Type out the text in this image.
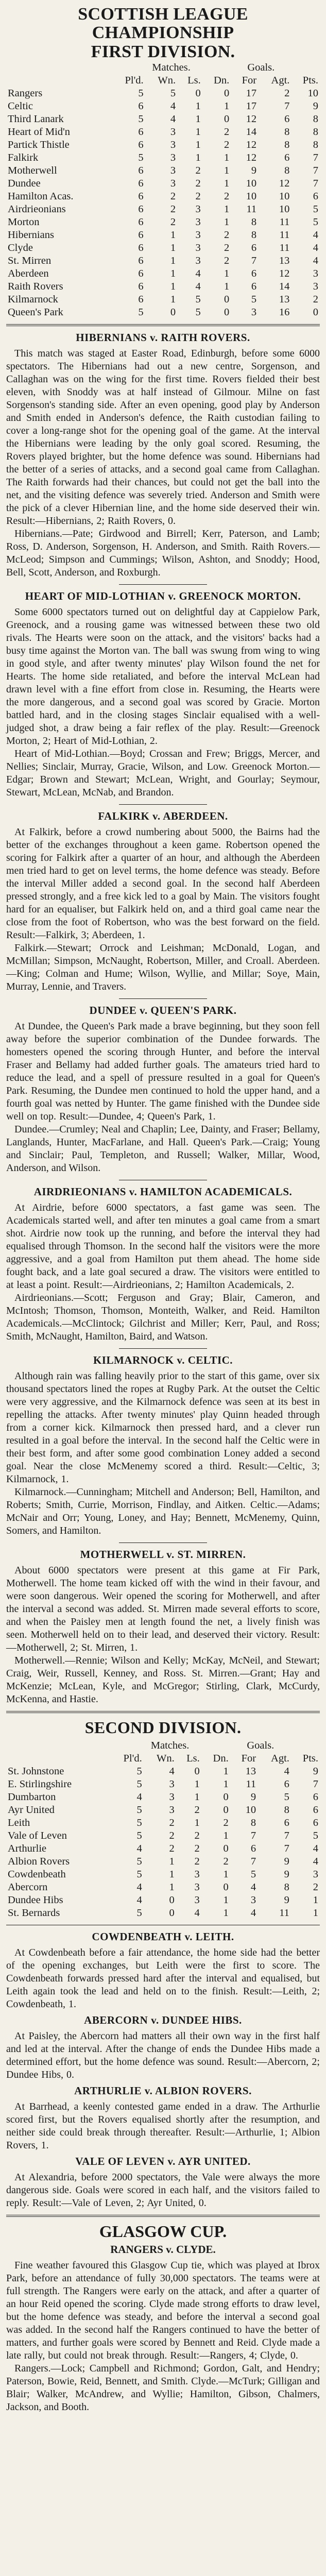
SCOTTISH LEAGUE CHAMPIONSHIP
FIRST DIVISION.
	Matches.				Goals.		
	Pl'd.	Wn.	Ls.	Dn.	For	Agt.	Pts.
Rangers	5	5	0	0	17	2	10
Celtic	6	4	1	1	17	7	9
Third Lanark	5	4	1	0	12	6	8
Heart of Mid'n	6	3	1	2	14	8	8
Partick Thistle	6	3	1	2	12	8	8
Falkirk	5	3	1	1	12	6	7
Motherwell	6	3	2	1	9	8	7
Dundee	6	3	2	1	10	12	7
Hamilton Acas.	6	2	2	2	10	10	6
Airdrieonians	6	2	3	1	11	10	5
Morton	6	2	3	1	8	11	5
Hibernians	6	1	3	2	8	11	4
Clyde	6	1	3	2	6	11	4
St. Mirren	6	1	3	2	7	13	4
Aberdeen	6	1	4	1	6	12	3
Raith Rovers	6	1	4	1	6	14	3
Kilmarnock	6	1	5	0	5	13	2
Queen's Park	5	0	5	0	3	16	0
HIBERNIANS v. RAITH ROVERS.

This match was staged at Easter Road, Edinburgh, before some 6000 spectators. The Hibernians had out a new centre, Sorgenson, and Callaghan was on the wing for the first time. Rovers fielded their best eleven, with Snoddy was at half instead of Gilmour. Milne on fast Sorgenson's standing side. After an even opening, good play by Anderson and Smith ended in Anderson's defence, the Raith custodian failing to cover a long-range shot for the opening goal of the game. At the interval the Hibernians were leading by the only goal scored. Resuming, the Rovers played brighter, but the home defence was sound. Hibernians had the better of a series of attacks, and a second goal came from Callaghan. The Raith forwards had their chances, but could not get the ball into the net, and the visiting defence was severely tried. Anderson and Smith were the pick of a clever Hibernian line, and the home side deserved their win. Result:—Hibernians, 2; Raith Rovers, 0.

Hibernians.—Pate; Girdwood and Birrell; Kerr, Paterson, and Lamb; Ross, D. Anderson, Sorgenson, H. Anderson, and Smith. Raith Rovers.—McLeod; Simpson and Cummings; Wilson, Ashton, and Snoddy; Hood, Bell, Scott, Anderson, and Roxburgh.

HEART OF MID-LOTHIAN v. GREENOCK MORTON.

Some 6000 spectators turned out on delightful day at Cappielow Park, Greenock, and a rousing game was witnessed between these two old rivals. The Hearts were soon on the attack, and the visitors' backs had a busy time against the Morton van. The ball was swung from wing to wing in good style, and after twenty minutes' play Wilson found the net for Hearts. The home side retaliated, and before the interval McLean had drawn level with a fine effort from close in. Resuming, the Hearts were the more dangerous, and a second goal was scored by Gracie. Morton battled hard, and in the closing stages Sinclair equalised with a well-judged shot, a draw being a fair reflex of the play. Result:—Greenock Morton, 2; Heart of Mid-Lothian, 2.

Heart of Mid-Lothian.—Boyd; Crossan and Frew; Briggs, Mercer, and Nellies; Sinclair, Murray, Gracie, Wilson, and Low. Greenock Morton.—Edgar; Brown and Stewart; McLean, Wright, and Gourlay; Seymour, Stewart, McLean, McNab, and Brandon.

FALKIRK v. ABERDEEN.

At Falkirk, before a crowd numbering about 5000, the Bairns had the better of the exchanges throughout a keen game. Robertson opened the scoring for Falkirk after a quarter of an hour, and although the Aberdeen men tried hard to get on level terms, the home defence was steady. Before the interval Miller added a second goal. In the second half Aberdeen pressed strongly, and a free kick led to a goal by Main. The visitors fought hard for an equaliser, but Falkirk held on, and a third goal came near the close from the foot of Robertson, who was the best forward on the field. Result:—Falkirk, 3; Aberdeen, 1.

Falkirk.—Stewart; Orrock and Leishman; McDonald, Logan, and McMillan; Simpson, McNaught, Robertson, Miller, and Croall. Aberdeen.—King; Colman and Hume; Wilson, Wyllie, and Millar; Soye, Main, Murray, Lennie, and Travers.

DUNDEE v. QUEEN'S PARK.

At Dundee, the Queen's Park made a brave beginning, but they soon fell away before the superior combination of the Dundee forwards. The homesters opened the scoring through Hunter, and before the interval Fraser and Bellamy had added further goals. The amateurs tried hard to reduce the lead, and a spell of pressure resulted in a goal for Queen's Park. Resuming, the Dundee men continued to hold the upper hand, and a fourth goal was netted by Hunter. The game finished with the Dundee side well on top. Result:—Dundee, 4; Queen's Park, 1.

Dundee.—Crumley; Neal and Chaplin; Lee, Dainty, and Fraser; Bellamy, Langlands, Hunter, MacFarlane, and Hall. Queen's Park.—Craig; Young and Sinclair; Paul, Templeton, and Russell; Walker, Millar, Wood, Anderson, and Wilson.

AIRDRIEONIANS v. HAMILTON ACADEMICALS.

At Airdrie, before 6000 spectators, a fast game was seen. The Academicals started well, and after ten minutes a goal came from a smart shot. Airdrie now took up the running, and before the interval they had equalised through Thomson. In the second half the visitors were the more aggressive, and a goal from Hamilton put them ahead. The home side fought back, and a late goal secured a draw. The visitors were entitled to at least a point. Result:—Airdrieonians, 2; Hamilton Academicals, 2.

Airdrieonians.—Scott; Ferguson and Gray; Blair, Cameron, and McIntosh; Thomson, Thomson, Monteith, Walker, and Reid. Hamilton Academicals.—McClintock; Gilchrist and Miller; Kerr, Paul, and Ross; Smith, McNaught, Hamilton, Baird, and Watson.

KILMARNOCK v. CELTIC.

Although rain was falling heavily prior to the start of this game, over six thousand spectators lined the ropes at Rugby Park. At the outset the Celtic were very aggressive, and the Kilmarnock defence was seen at its best in repelling the attacks. After twenty minutes' play Quinn headed through from a corner kick. Kilmarnock then pressed hard, and a clever run resulted in a goal before the interval. In the second half the Celtic were in their best form, and after some good combination Loney added a second goal. Near the close McMenemy scored a third. Result:—Celtic, 3; Kilmarnock, 1.

Kilmarnock.—Cunningham; Mitchell and Anderson; Bell, Hamilton, and Roberts; Smith, Currie, Morrison, Findlay, and Aitken. Celtic.—Adams; McNair and Orr; Young, Loney, and Hay; Bennett, McMenemy, Quinn, Somers, and Hamilton.

MOTHERWELL v. ST. MIRREN.

About 6000 spectators were present at this game at Fir Park, Motherwell. The home team kicked off with the wind in their favour, and were soon dangerous. Weir opened the scoring for Motherwell, and after the interval a second was added. St. Mirren made several efforts to score, and when the Paisley men at length found the net, a lively finish was seen. Motherwell held on to their lead, and deserved their victory. Result:—Motherwell, 2; St. Mirren, 1.

Motherwell.—Rennie; Wilson and Kelly; McKay, McNeil, and Stewart; Craig, Weir, Russell, Kenney, and Ross. St. Mirren.—Grant; Hay and McKenzie; McLean, Kyle, and McGregor; Stirling, Clark, McCurdy, McKenna, and Hastie.

SECOND DIVISION.
	Matches.				Goals.		
	Pl'd.	Wn.	Ls.	Dn.	For	Agt.	Pts.
St. Johnstone	5	4	0	1	13	4	9
E. Stirlingshire	5	3	1	1	11	6	7
Dumbarton	4	3	1	0	9	5	6
Ayr United	5	3	2	0	10	8	6
Leith	5	2	1	2	8	6	6
Vale of Leven	5	2	2	1	7	7	5
Arthurlie	4	2	2	0	6	7	4
Albion Rovers	5	1	2	2	7	9	4
Cowdenbeath	5	1	3	1	5	9	3
Abercorn	4	1	3	0	4	8	2
Dundee Hibs	4	0	3	1	3	9	1
St. Bernards	5	0	4	1	4	11	1
COWDENBEATH v. LEITH.

At Cowdenbeath before a fair attendance, the home side had the better of the opening exchanges, but Leith were the first to score. The Cowdenbeath forwards pressed hard after the interval and equalised, but Leith again took the lead and held on to the finish. Result:—Leith, 2; Cowdenbeath, 1.

ABERCORN v. DUNDEE HIBS.

At Paisley, the Abercorn had matters all their own way in the first half and led at the interval. After the change of ends the Dundee Hibs made a determined effort, but the home defence was sound. Result:—Abercorn, 2; Dundee Hibs, 0.

ARTHURLIE v. ALBION ROVERS.

At Barrhead, a keenly contested game ended in a draw. The Arthurlie scored first, but the Rovers equalised shortly after the resumption, and neither side could break through thereafter. Result:—Arthurlie, 1; Albion Rovers, 1.

VALE OF LEVEN v. AYR UNITED.

At Alexandria, before 2000 spectators, the Vale were always the more dangerous side. Goals were scored in each half, and the visitors failed to reply. Result:—Vale of Leven, 2; Ayr United, 0.

GLASGOW CUP.
RANGERS v. CLYDE.

Fine weather favoured this Glasgow Cup tie, which was played at Ibrox Park, before an attendance of fully 30,000 spectators. The teams were at full strength. The Rangers were early on the attack, and after a quarter of an hour Reid opened the scoring. Clyde made strong efforts to draw level, but the home defence was steady, and before the interval a second goal was added. In the second half the Rangers continued to have the better of matters, and further goals were scored by Bennett and Reid. Clyde made a late rally, but could not break through. Result:—Rangers, 4; Clyde, 0.

Rangers.—Lock; Campbell and Richmond; Gordon, Galt, and Hendry; Paterson, Bowie, Reid, Bennett, and Smith. Clyde.—McTurk; Gilligan and Blair; Walker, McAndrew, and Wyllie; Hamilton, Gibson, Chalmers, Jackson, and Booth.
